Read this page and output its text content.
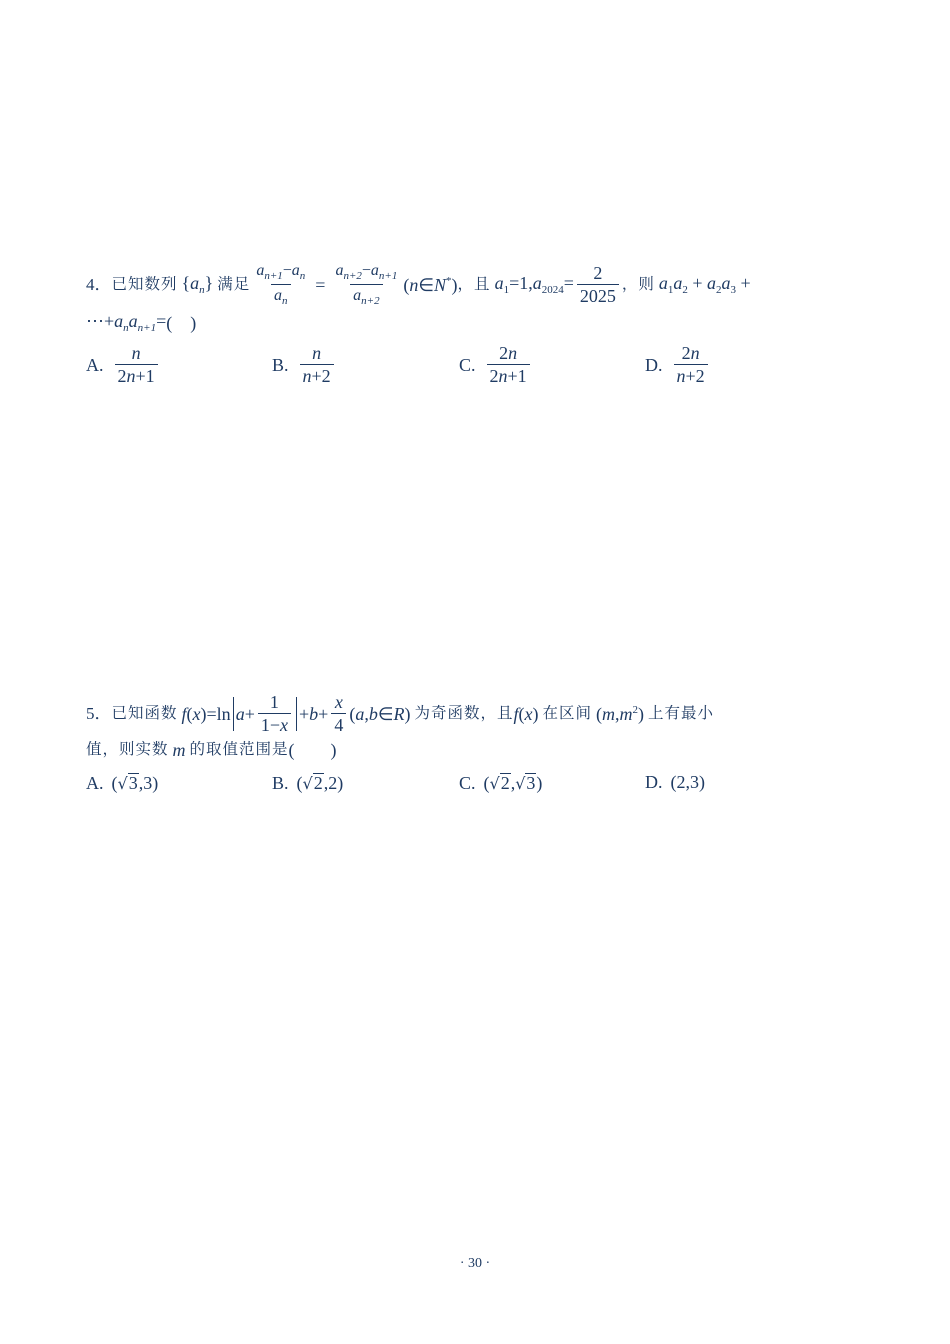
4． 已知数列 $\{a_n\}$ 满足 $\frac{a_{n+1}-a_n}{a_n} = \frac{a_{n+2}-a_{n+1}}{a_{n+2}}$ (n∈N*) ，且 $a_1=1,a_{2024}= \frac{2}{2025}$ ，则 $a_1a_2 + a_2a_3$ +
$\cdots+a_na_{n+1}=$ (　)
A. $\frac{n}{2n+1}$	B. $\frac{n}{n+2}$	C. $\frac{2n}{2n+1}$	D. $\frac{2n}{n+2}$
5． 已知函数 f(x)=ln $a+ \frac{1}{1-x} +b+ \frac{x}{4}$ (a,b∈R) 为奇函数，且 f(x) 在区间 $(m,m^2)$ 上有最小
值，则实数 m 的取值范围是 (　　)
A. ( √ 3 ,3)	B. ( √ 2 ,2)	C. ( √ 2 , √ 3 )	D. (2,3)
· 30 ·
